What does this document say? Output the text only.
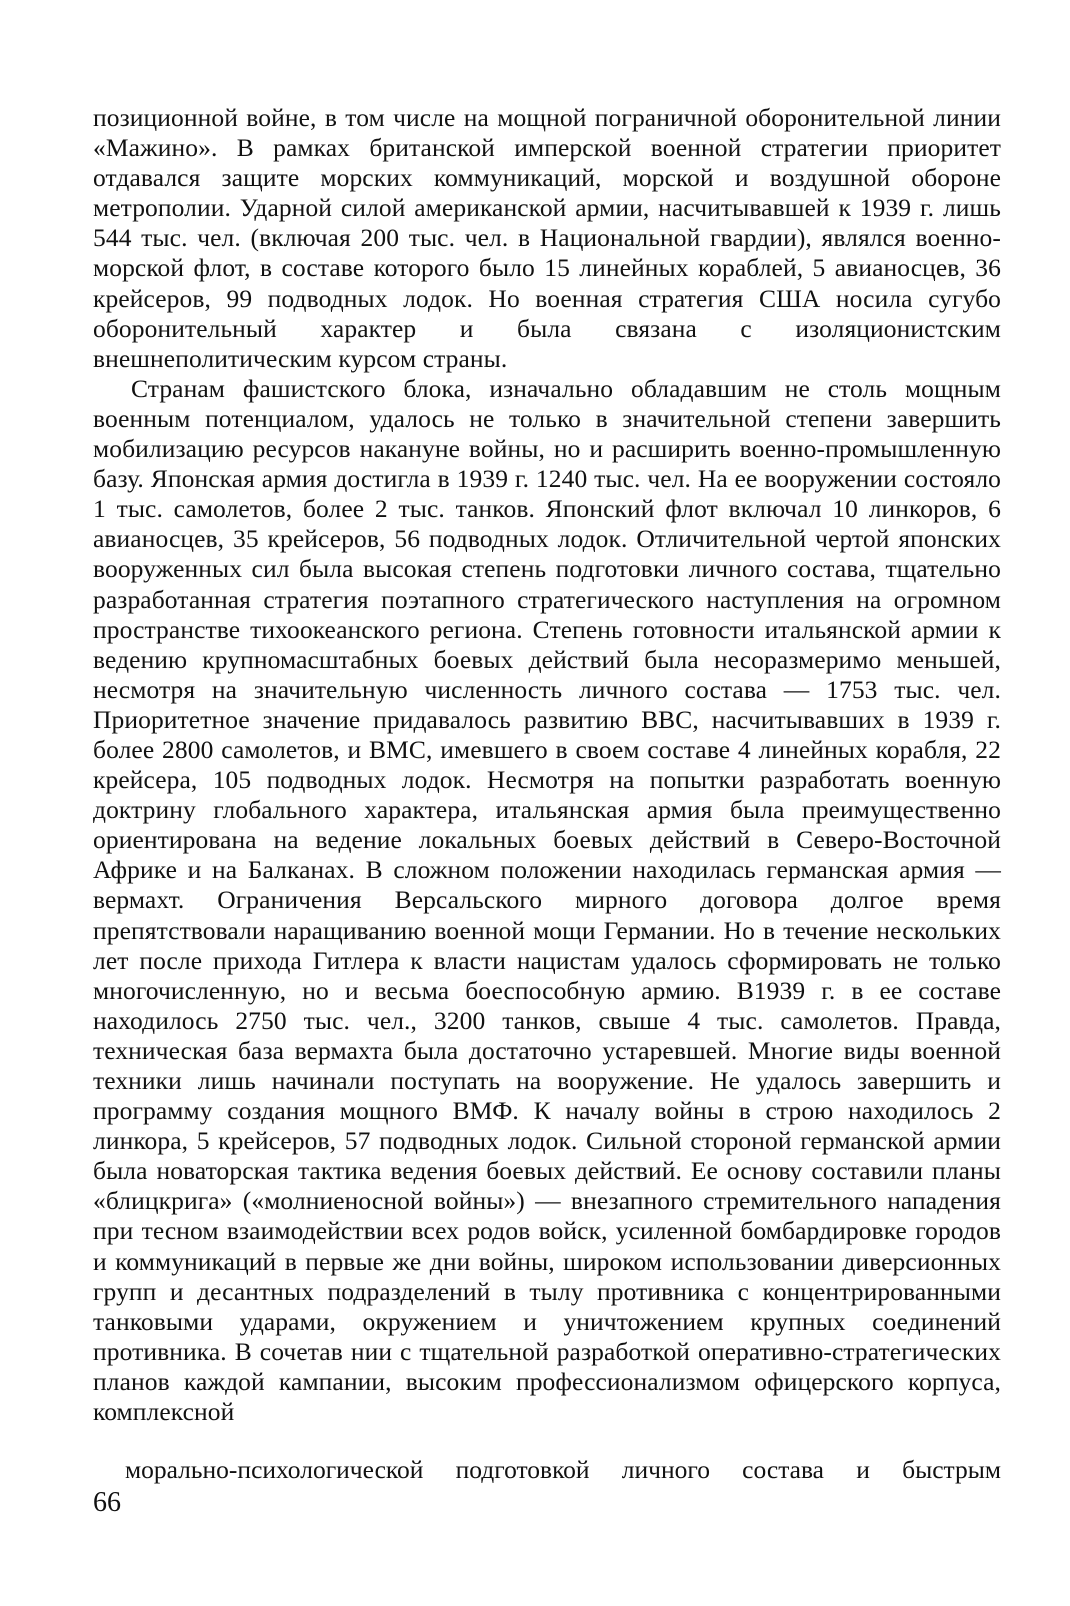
позиционной войне, в том числе на мощной пограничной оборонительной линии «Мажино». В рамках британской имперской военной стратегии приоритет отдавался защите морских коммуникаций, морской и воздушной обороне метрополии. Ударной силой американской армии, насчитывавшей к 1939 г. лишь 544 тыс. чел. (включая 200 тыс. чел. в Национальной гвардии), являлся военно-морской флот, в составе которого было 15 линейных кораблей, 5 авианосцев, 36 крейсеров, 99 подводных лодок. Но военная стратегия США носила сугубо оборонительный характер и была связана с изоляционистским внешнеполитическим курсом страны.

Странам фашистского блока, изначально обладавшим не столь мощным военным потенциалом, удалось не только в значительной степени завершить мобилизацию ресурсов накануне войны, но и расширить военно-промышленную базу. Японская армия достигла в 1939 г. 1240 тыс. чел. На ее вооружении состояло 1 тыс. самолетов, более 2 тыс. танков. Японский флот включал 10 линкоров, 6 авианосцев, 35 крейсеров, 56 подводных лодок. Отличительной чертой японских вооруженных сил была высокая степень подготовки личного состава, тщательно разработанная стратегия поэтапного стратегического наступления на огромном пространстве тихоокеанского региона. Степень готовности итальянской армии к ведению крупномасштабных боевых действий была несоразмеримо меньшей, несмотря на значительную численность личного состава — 1753 тыс. чел. Приоритетное значение придавалось развитию ВВС, насчитывавших в 1939 г. более 2800 самолетов, и ВМС, имевшего в своем составе 4 линейных корабля, 22 крейсера, 105 подводных лодок. Несмотря на попытки разработать военную доктрину глобального характера, итальянская армия была преимущественно ориентирована на ведение локальных боевых действий в Северо-Восточной Африке и на Балканах. В сложном положении находилась германская армия — вермахт. Ограничения Версальского мирного договора долгое время препятствовали наращиванию военной мощи Германии. Но в течение нескольких лет после прихода Гитлера к власти нацистам удалось сформировать не только многочисленную, но и весьма боеспособную армию. В1939 г. в ее составе находилось 2750 тыс. чел., 3200 танков, свыше 4 тыс. самолетов. Правда, техническая база вермахта была достаточно устаревшей. Многие виды военной техники лишь начинали поступать на вооружение. Не удалось завершить и программу создания мощного ВМФ. К началу войны в строю находилось 2 линкора, 5 крейсеров, 57 подводных лодок. Сильной стороной германской армии была новаторская тактика ведения боевых действий. Ее основу составили планы «блицкрига» («молниеносной войны») — внезапного стремительного нападения при тесном взаимодействии всех родов войск, усиленной бомбардировке городов и коммуникаций в первые же дни войны, широком использовании диверсионных групп и десантных подразделений в тылу противника с концентрированными танковыми ударами, окружением и уничтожением крупных соединений противника. В сочетав нии с тщательной разработкой оперативно-стратегических планов каждой кампании, высоким профессионализмом офицерского корпуса, комплексной

морально-психологической подготовкой личного состава и быстрым
66
